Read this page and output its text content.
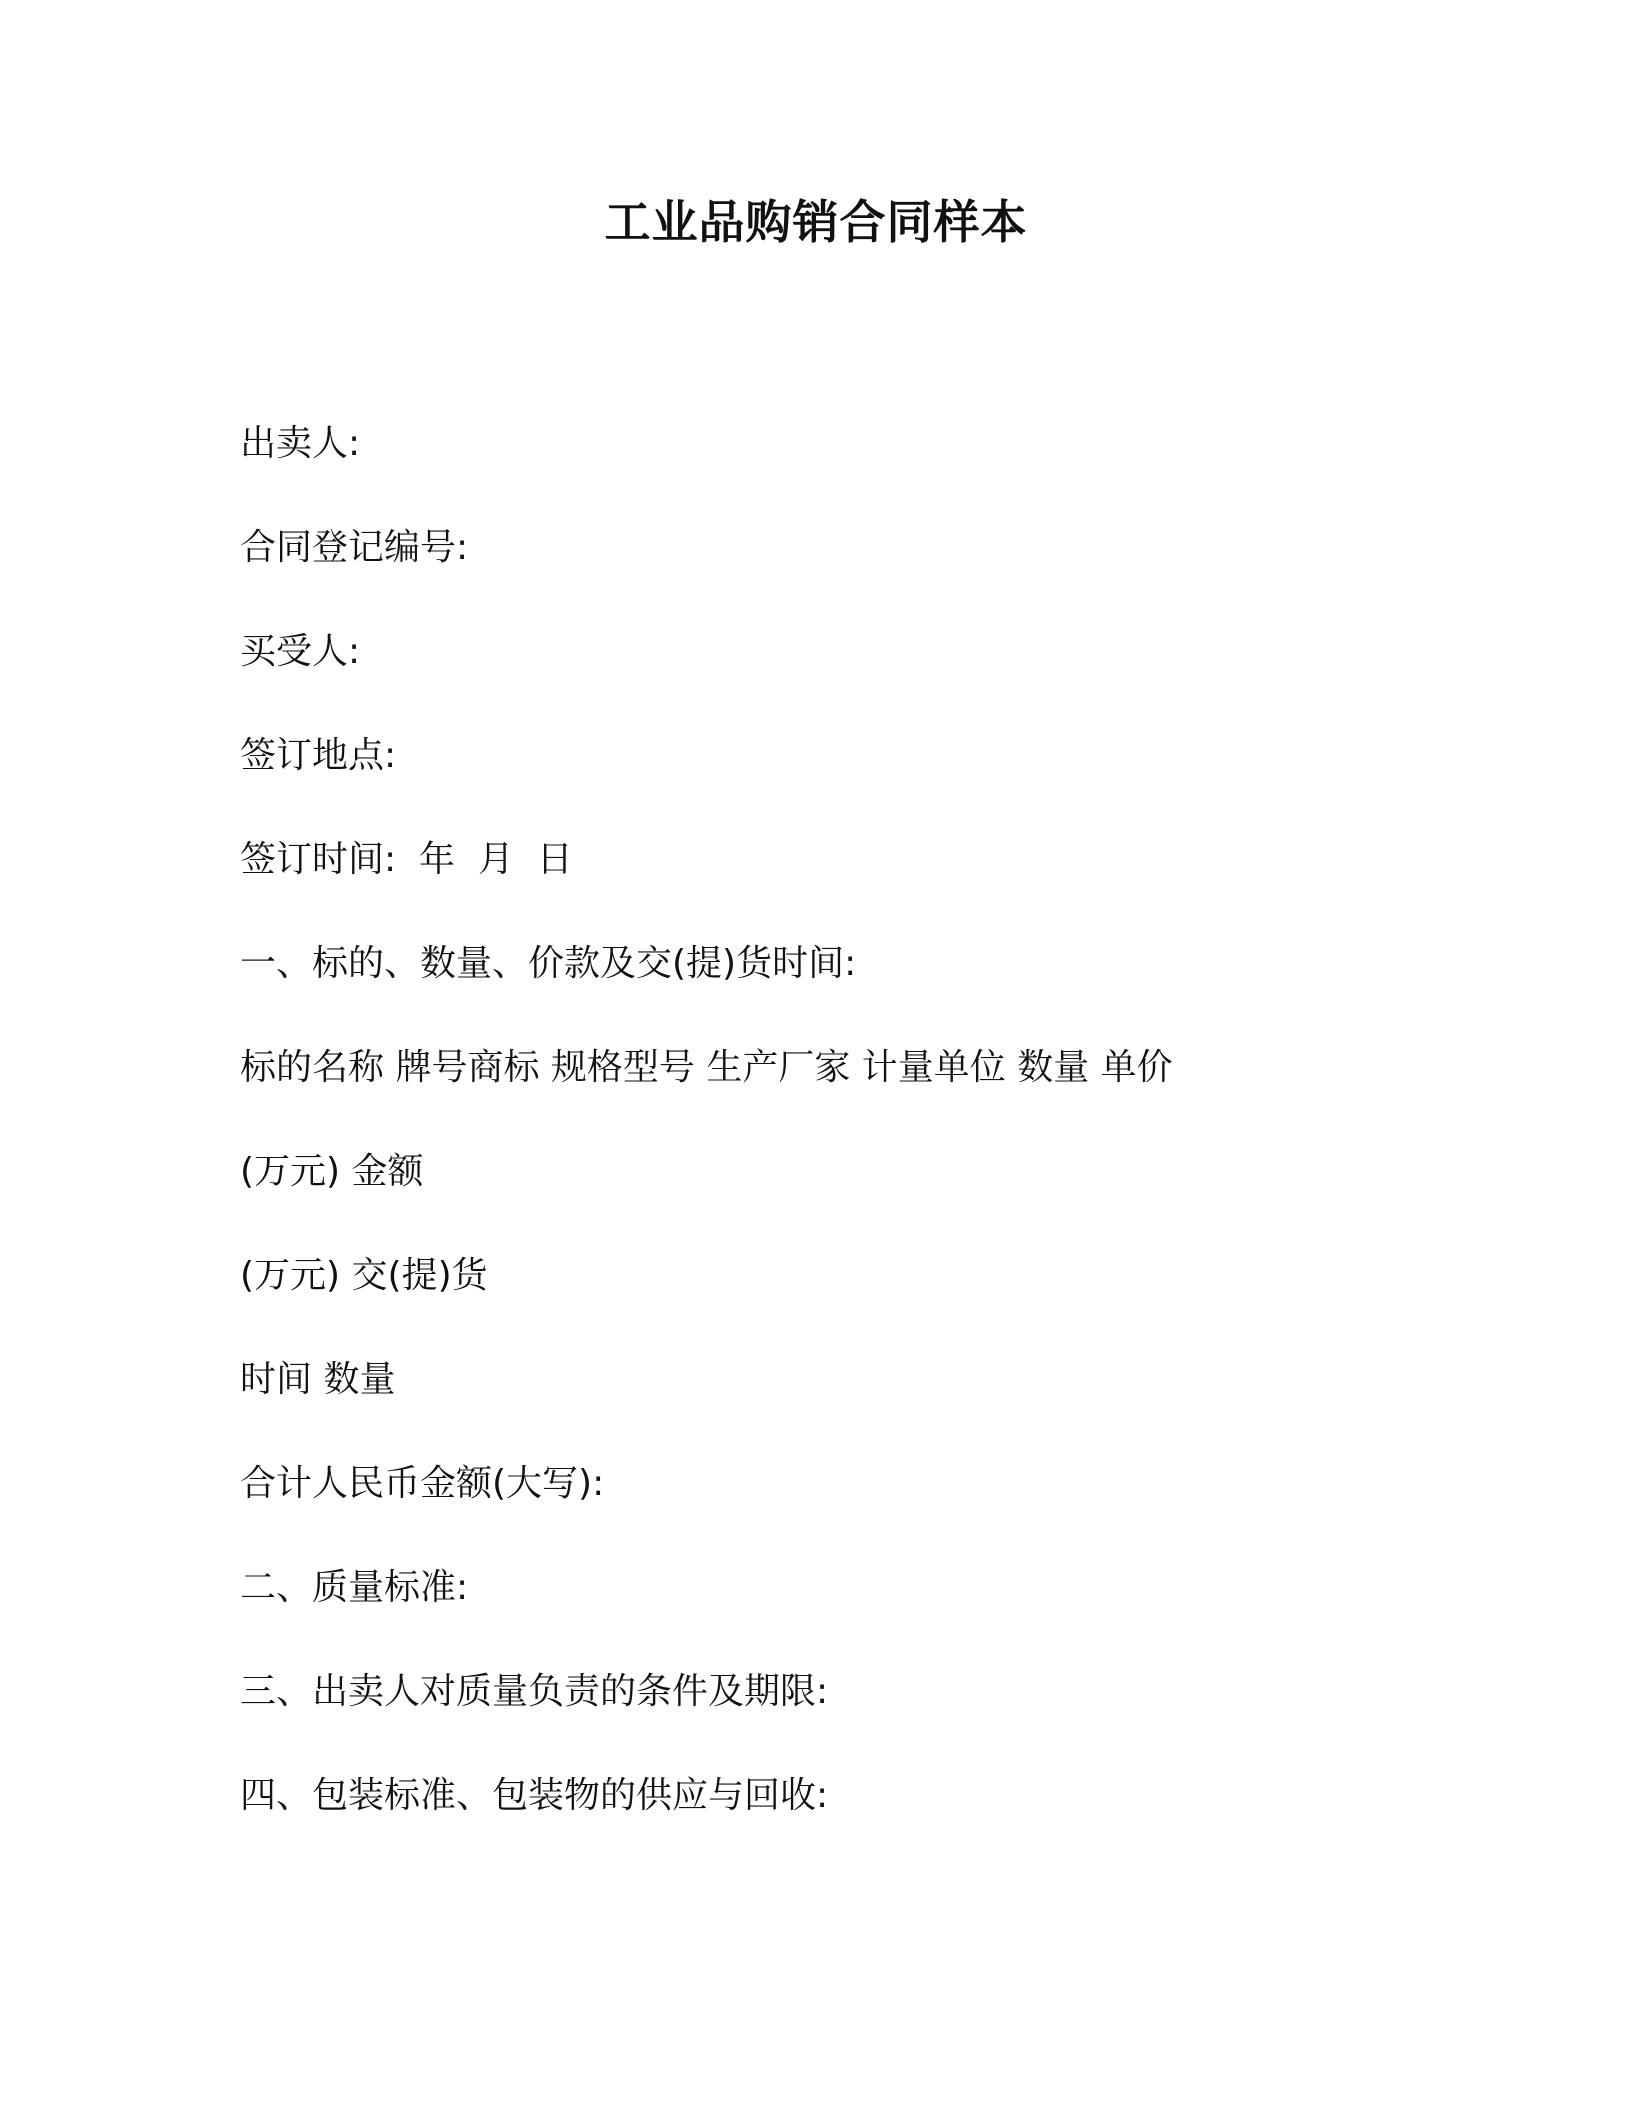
工业品购销合同样本

出卖人:

合同登记编号:

买受人:

签订地点:

签订时间:  年  月  日

一、标的、数量、价款及交(提)货时间:

标的名称 牌号商标 规格型号 生产厂家 计量单位 数量 单价

(万元) 金额

(万元) 交(提)货

时间 数量

合计人民币金额(大写):

二、质量标准:

三、出卖人对质量负责的条件及期限:

四、包装标准、包装物的供应与回收:
